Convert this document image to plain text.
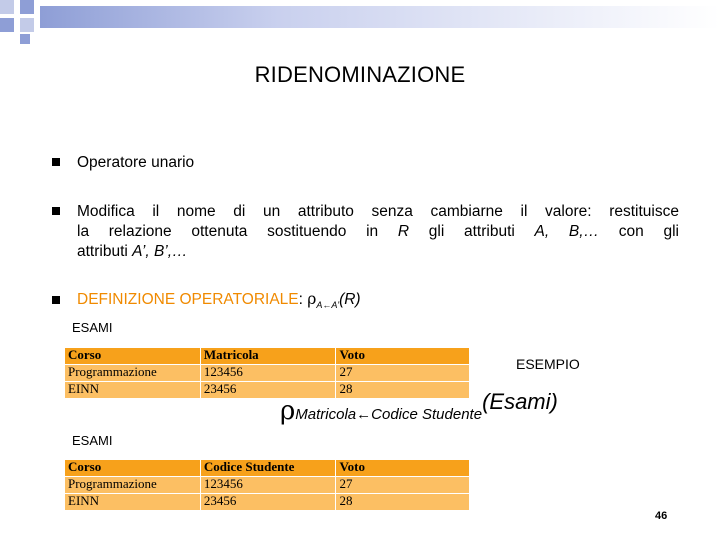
RIDENOMINAZIONE
Operatore unario
Modifica il nome di un attributo senza cambiarne il valore: restituisce
la relazione ottenuta sostituendo in R gli attributi A, B,… con gli
attributi A’, B’,…
DEFINIZIONE OPERATORIALE: $\rho_{A\leftarrow A’}(R)$
ESAMI
Corso	Matricola	Voto
Programmazione	123456	27
EINN	23456	28
ESEMPIO
ρMatricola←Codice Studente(Esami)
ESAMI
Corso	Codice Studente	Voto
Programmazione	123456	27
EINN	23456	28
46
